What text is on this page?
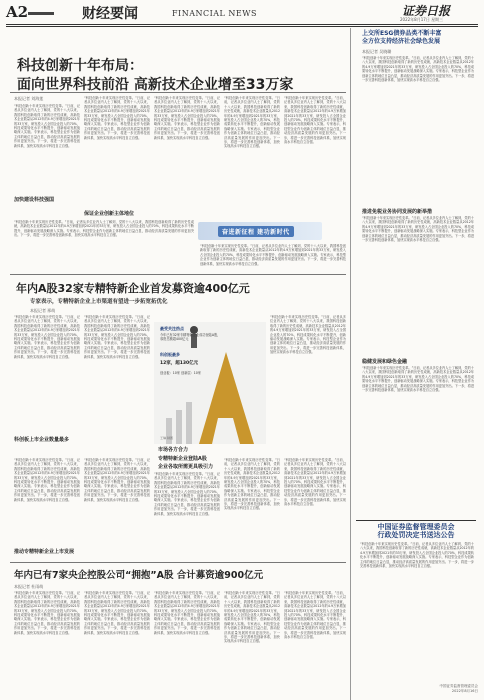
A2	财经要闻	FINANCIAL NEWS	证券日报
2022年8月17日 星期三
科技创新十年布局：
面向世界科技前沿 高新技术企业增至33万家
本报记者 刘海莲
“科技创新十年来实现历史性变革。”日前，记者从多位业内人士了解到，党的十八大以来，我国科技创新取得了新的历史性成就，高新技术企业数量从2012年的4.9万家增加到2021年的33万家，研发投入占全国企业投入的70%，科技成果转化水平不断提升，创新驱动发展战略深入实施。专家表示，科技型企业作为创新主体的地位日益凸显，推动经济高质量发展的作用更加突出。下一步，将进一步完善科技创新体系，加快实现高水平科技自立自强。
“科技创新十年来实现历史性变革。”日前，记者从多位业内人士了解到，党的十八大以来，我国科技创新取得了新的历史性成就，高新技术企业数量从2012年的4.9万家增加到2021年的33万家，研发投入占全国企业投入的70%，科技成果转化水平不断提升，创新驱动发展战略深入实施。专家表示，科技型企业作为创新主体的地位日益凸显，推动经济高质量发展的作用更加突出。下一步，将进一步完善科技创新体系，加快实现高水平科技自立自强。
“科技创新十年来实现历史性变革。”日前，记者从多位业内人士了解到，党的十八大以来，我国科技创新取得了新的历史性成就，高新技术企业数量从2012年的4.9万家增加到2021年的33万家，研发投入占全国企业投入的70%，科技成果转化水平不断提升，创新驱动发展战略深入实施。专家表示，科技型企业作为创新主体的地位日益凸显，推动经济高质量发展的作用更加突出。下一步，将进一步完善科技创新体系，加快实现高水平科技自立自强。
“科技创新十年来实现历史性变革。”日前，记者从多位业内人士了解到，党的十八大以来，我国科技创新取得了新的历史性成就，高新技术企业数量从2012年的4.9万家增加到2021年的33万家，研发投入占全国企业投入的70%，科技成果转化水平不断提升，创新驱动发展战略深入实施。专家表示，科技型企业作为创新主体的地位日益凸显，推动经济高质量发展的作用更加突出。下一步，将进一步完善科技创新体系，加快实现高水平科技自立自强。
“科技创新十年来实现历史性变革。”日前，记者从多位业内人士了解到，党的十八大以来，我国科技创新取得了新的历史性成就，高新技术企业数量从2012年的4.9万家增加到2021年的33万家，研发投入占全国企业投入的70%，科技成果转化水平不断提升，创新驱动发展战略深入实施。专家表示，科技型企业作为创新主体的地位日益凸显，推动经济高质量发展的作用更加突出。下一步，将进一步完善科技创新体系，加快实现高水平科技自立自强。
加快建设科技强国
保证企业创新主体地位
“科技创新十年来实现历史性变革。”日前，记者从多位业内人士了解到，党的十八大以来，我国科技创新取得了新的历史性成就，高新技术企业数量从2012年的4.9万家增加到2021年的33万家，研发投入占全国企业投入的70%，科技成果转化水平不断提升，创新驱动发展战略深入实施。专家表示，科技型企业作为创新主体的地位日益凸显，推动经济高质量发展的作用更加突出。下一步，将进一步完善科技创新体系，加快实现高水平科技自立自强。	奋进新征程 建功新时代
“科技创新十年来实现历史性变革。”日前，记者从多位业内人士了解到，党的十八大以来，我国科技创新取得了新的历史性成就，高新技术企业数量从2012年的4.9万家增加到2021年的33万家，研发投入占全国企业投入的70%，科技成果转化水平不断提升，创新驱动发展战略深入实施。专家表示，科技型企业作为创新主体的地位日益凸显，推动经济高质量发展的作用更加突出。下一步，将进一步完善科技创新体系，加快实现高水平科技自立自强。
年内A股32家专精特新企业首发募资逾400亿元
专家表示，专精特新企业上市渠道有望进一步拓宽拓优化
本报记者 邢萌
“科技创新十年来实现历史性变革。”日前，记者从多位业内人士了解到，党的十八大以来，我国科技创新取得了新的历史性成就，高新技术企业数量从2012年的4.9万家增加到2021年的33万家，研发投入占全国企业投入的70%，科技成果转化水平不断提升，创新驱动发展战略深入实施。专家表示，科技型企业作为创新主体的地位日益凸显，推动经济高质量发展的作用更加突出。下一步，将进一步完善科技创新体系，加快实现高水平科技自立自强。
“科技创新十年来实现历史性变革。”日前，记者从多位业内人士了解到，党的十八大以来，我国科技创新取得了新的历史性成就，高新技术企业数量从2012年的4.9万家增加到2021年的33万家，研发投入占全国企业投入的70%，科技成果转化水平不断提升，创新驱动发展战略深入实施。专家表示，科技型企业作为创新主体的地位日益凸显，推动经济高质量发展的作用更加突出。下一步，将进一步完善科技创新体系，加快实现高水平科技自立自强。
科创板上市企业数量最多
最受关注热点
今年已有32家专精特新企业成功登陆A股，募资总额超400亿元
科创板最多
12家，超130亿元
创业板：10家 创新层：10家
王琳 制图
“科技创新十年来实现历史性变革。”日前，记者从多位业内人士了解到，党的十八大以来，我国科技创新取得了新的历史性成就，高新技术企业数量从2012年的4.9万家增加到2021年的33万家，研发投入占全国企业投入的70%，科技成果转化水平不断提升，创新驱动发展战略深入实施。专家表示，科技型企业作为创新主体的地位日益凸显，推动经济高质量发展的作用更加突出。下一步，将进一步完善科技创新体系，加快实现高水平科技自立自强。
“科技创新十年来实现历史性变革。”日前，记者从多位业内人士了解到，党的十八大以来，我国科技创新取得了新的历史性成就，高新技术企业数量从2012年的4.9万家增加到2021年的33万家，研发投入占全国企业投入的70%，科技成果转化水平不断提升，创新驱动发展战略深入实施。专家表示，科技型企业作为创新主体的地位日益凸显，推动经济高质量发展的作用更加突出。下一步，将进一步完善科技创新体系，加快实现高水平科技自立自强。
“科技创新十年来实现历史性变革。”日前，记者从多位业内人士了解到，党的十八大以来，我国科技创新取得了新的历史性成就，高新技术企业数量从2012年的4.9万家增加到2021年的33万家，研发投入占全国企业投入的70%，科技成果转化水平不断提升，创新驱动发展战略深入实施。专家表示，科技型企业作为创新主体的地位日益凸显，推动经济高质量发展的作用更加突出。下一步，将进一步完善科技创新体系，加快实现高水平科技自立自强。
市场各方合力
专精特新企业登陆A股
企业各取所需更具吸引力
“科技创新十年来实现历史性变革。”日前，记者从多位业内人士了解到，党的十八大以来，我国科技创新取得了新的历史性成就，高新技术企业数量从2012年的4.9万家增加到2021年的33万家，研发投入占全国企业投入的70%，科技成果转化水平不断提升，创新驱动发展战略深入实施。专家表示，科技型企业作为创新主体的地位日益凸显，推动经济高质量发展的作用更加突出。下一步，将进一步完善科技创新体系，加快实现高水平科技自立自强。
“科技创新十年来实现历史性变革。”日前，记者从多位业内人士了解到，党的十八大以来，我国科技创新取得了新的历史性成就，高新技术企业数量从2012年的4.9万家增加到2021年的33万家，研发投入占全国企业投入的70%，科技成果转化水平不断提升，创新驱动发展战略深入实施。专家表示，科技型企业作为创新主体的地位日益凸显，推动经济高质量发展的作用更加突出。下一步，将进一步完善科技创新体系，加快实现高水平科技自立自强。
“科技创新十年来实现历史性变革。”日前，记者从多位业内人士了解到，党的十八大以来，我国科技创新取得了新的历史性成就，高新技术企业数量从2012年的4.9万家增加到2021年的33万家，研发投入占全国企业投入的70%，科技成果转化水平不断提升，创新驱动发展战略深入实施。专家表示，科技型企业作为创新主体的地位日益凸显，推动经济高质量发展的作用更加突出。下一步，将进一步完善科技创新体系，加快实现高水平科技自立自强。
推动专精特新企业上市发展
年内已有7家央企控股公司“拥抱”A股 合计募资逾900亿元
本报记者 杜雨萌
“科技创新十年来实现历史性变革。”日前，记者从多位业内人士了解到，党的十八大以来，我国科技创新取得了新的历史性成就，高新技术企业数量从2012年的4.9万家增加到2021年的33万家，研发投入占全国企业投入的70%，科技成果转化水平不断提升，创新驱动发展战略深入实施。专家表示，科技型企业作为创新主体的地位日益凸显，推动经济高质量发展的作用更加突出。下一步，将进一步完善科技创新体系，加快实现高水平科技自立自强。
“科技创新十年来实现历史性变革。”日前，记者从多位业内人士了解到，党的十八大以来，我国科技创新取得了新的历史性成就，高新技术企业数量从2012年的4.9万家增加到2021年的33万家，研发投入占全国企业投入的70%，科技成果转化水平不断提升，创新驱动发展战略深入实施。专家表示，科技型企业作为创新主体的地位日益凸显，推动经济高质量发展的作用更加突出。下一步，将进一步完善科技创新体系，加快实现高水平科技自立自强。
“科技创新十年来实现历史性变革。”日前，记者从多位业内人士了解到，党的十八大以来，我国科技创新取得了新的历史性成就，高新技术企业数量从2012年的4.9万家增加到2021年的33万家，研发投入占全国企业投入的70%，科技成果转化水平不断提升，创新驱动发展战略深入实施。专家表示，科技型企业作为创新主体的地位日益凸显，推动经济高质量发展的作用更加突出。下一步，将进一步完善科技创新体系，加快实现高水平科技自立自强。
“科技创新十年来实现历史性变革。”日前，记者从多位业内人士了解到，党的十八大以来，我国科技创新取得了新的历史性成就，高新技术企业数量从2012年的4.9万家增加到2021年的33万家，研发投入占全国企业投入的70%，科技成果转化水平不断提升，创新驱动发展战略深入实施。专家表示，科技型企业作为创新主体的地位日益凸显，推动经济高质量发展的作用更加突出。下一步，将进一步完善科技创新体系，加快实现高水平科技自立自强。
“科技创新十年来实现历史性变革。”日前，记者从多位业内人士了解到，党的十八大以来，我国科技创新取得了新的历史性成就，高新技术企业数量从2012年的4.9万家增加到2021年的33万家，研发投入占全国企业投入的70%，科技成果转化水平不断提升，创新驱动发展战略深入实施。专家表示，科技型企业作为创新主体的地位日益凸显，推动经济高质量发展的作用更加突出。下一步，将进一步完善科技创新体系，加快实现高水平科技自立自强。
上交所ESG债券品类不断丰富
全方位支持经济社会绿色发展
本报记者 吴晓璐
“科技创新十年来实现历史性变革。”日前，记者从多位业内人士了解到，党的十八大以来，我国科技创新取得了新的历史性成就，高新技术企业数量从2012年的4.9万家增加到2021年的33万家，研发投入占全国企业投入的70%，科技成果转化水平不断提升，创新驱动发展战略深入实施。专家表示，科技型企业作为创新主体的地位日益凸显，推动经济高质量发展的作用更加突出。下一步，将进一步完善科技创新体系，加快实现高水平科技自立自强。
推进免税业务协同发展的新举措
“科技创新十年来实现历史性变革。”日前，记者从多位业内人士了解到，党的十八大以来，我国科技创新取得了新的历史性成就，高新技术企业数量从2012年的4.9万家增加到2021年的33万家，研发投入占全国企业投入的70%，科技成果转化水平不断提升，创新驱动发展战略深入实施。专家表示，科技型企业作为创新主体的地位日益凸显，推动经济高质量发展的作用更加突出。下一步，将进一步完善科技创新体系，加快实现高水平科技自立自强。
稳健发展和绿色金融
“科技创新十年来实现历史性变革。”日前，记者从多位业内人士了解到，党的十八大以来，我国科技创新取得了新的历史性成就，高新技术企业数量从2012年的4.9万家增加到2021年的33万家，研发投入占全国企业投入的70%，科技成果转化水平不断提升，创新驱动发展战略深入实施。专家表示，科技型企业作为创新主体的地位日益凸显，推动经济高质量发展的作用更加突出。下一步，将进一步完善科技创新体系，加快实现高水平科技自立自强。
中国证券监督管理委员会
行政处罚决定书送达公告
“科技创新十年来实现历史性变革。”日前，记者从多位业内人士了解到，党的十八大以来，我国科技创新取得了新的历史性成就，高新技术企业数量从2012年的4.9万家增加到2021年的33万家，研发投入占全国企业投入的70%，科技成果转化水平不断提升，创新驱动发展战略深入实施。专家表示，科技型企业作为创新主体的地位日益凸显，推动经济高质量发展的作用更加突出。下一步，将进一步完善科技创新体系，加快实现高水平科技自立自强。
中国证券监督管理委员会
2022年8月16日
